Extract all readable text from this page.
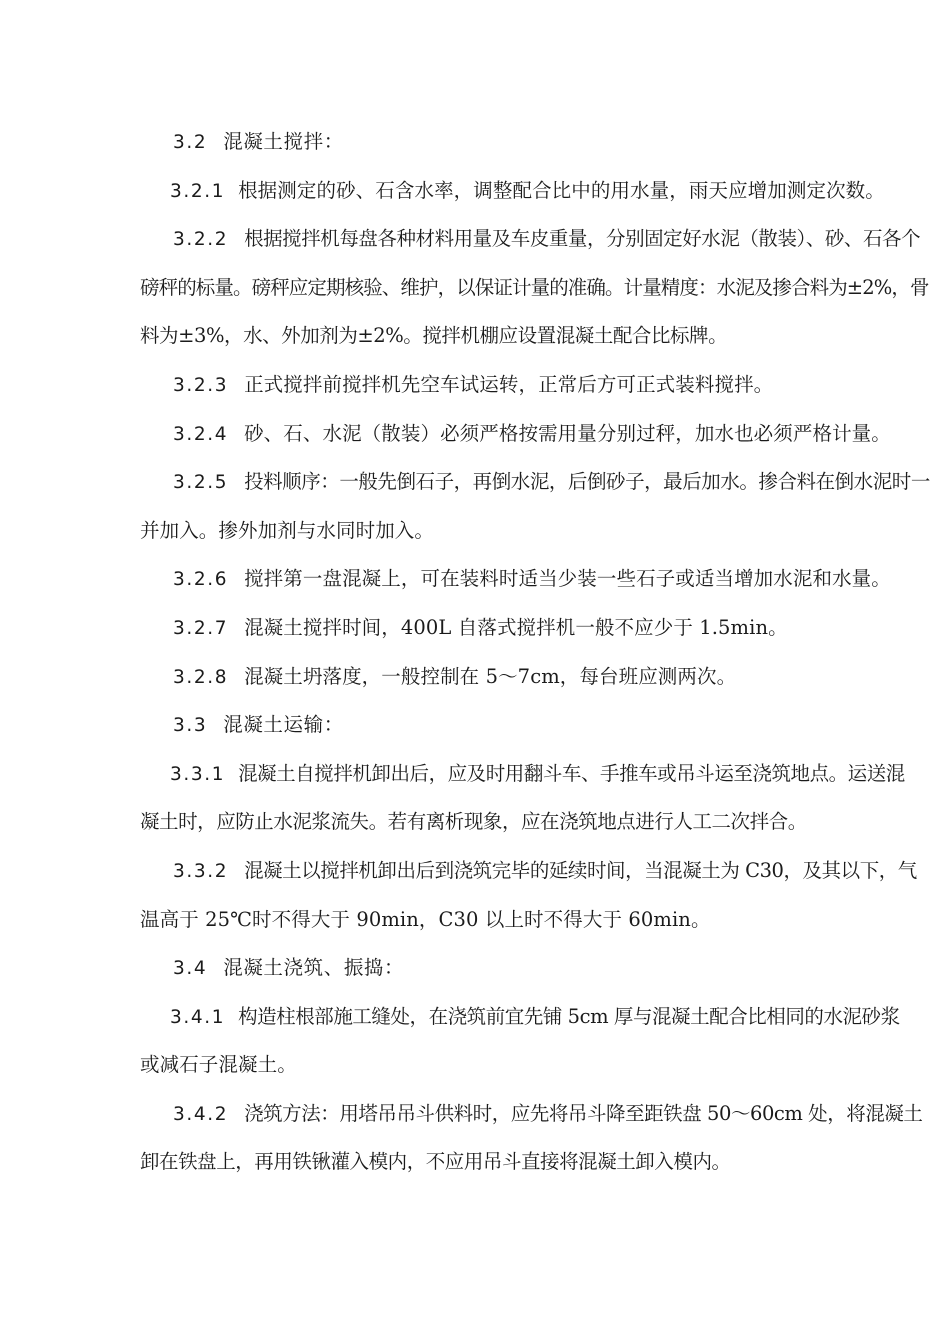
3.2 混凝土搅拌：
3.2.1 根据测定的砂、石含水率，调整配合比中的用水量，雨天应增加测定次数。
3.2.2 根据搅拌机每盘各种材料用量及车皮重量，分别固定好水泥（散装）、砂、石各个
磅秤的标量。磅秤应定期核验、维护，以保证计量的准确。计量精度：水泥及掺合料为±2%，骨
料为±3%，水、外加剂为±2%。搅拌机棚应设置混凝土配合比标牌。
3.2.3 正式搅拌前搅拌机先空车试运转，正常后方可正式装料搅拌。
3.2.4 砂、石、水泥（散装）必须严格按需用量分别过秤，加水也必须严格计量。
3.2.5 投料顺序：一般先倒石子，再倒水泥，后倒砂子，最后加水。掺合料在倒水泥时一
并加入。掺外加剂与水同时加入。
3.2.6 搅拌第一盘混凝上，可在装料时适当少装一些石子或适当增加水泥和水量。
3.2.7 混凝土搅拌时间，400L 自落式搅拌机一般不应少于 1.5min。
3.2.8 混凝土坍落度，一般控制在 5～7cm，每台班应测两次。
3.3 混凝土运输：
3.3.1 混凝土自搅拌机卸出后，应及时用翻斗车、手推车或吊斗运至浇筑地点。运送混
凝土时，应防止水泥浆流失。若有离析现象，应在浇筑地点进行人工二次拌合。
3.3.2 混凝土以搅拌机卸出后到浇筑完毕的延续时间，当混凝土为 C30，及其以下，气
温高于 25℃时不得大于 90min，C30 以上时不得大于 60min。
3.4 混凝土浇筑、振捣：
3.4.1 构造柱根部施工缝处，在浇筑前宜先铺 5cm 厚与混凝土配合比相同的水泥砂浆
或减石子混凝土。
3.4.2 浇筑方法：用塔吊吊斗供料时，应先将吊斗降至距铁盘 50～60cm 处，将混凝土
卸在铁盘上，再用铁锹灌入模内，不应用吊斗直接将混凝土卸入模内。
